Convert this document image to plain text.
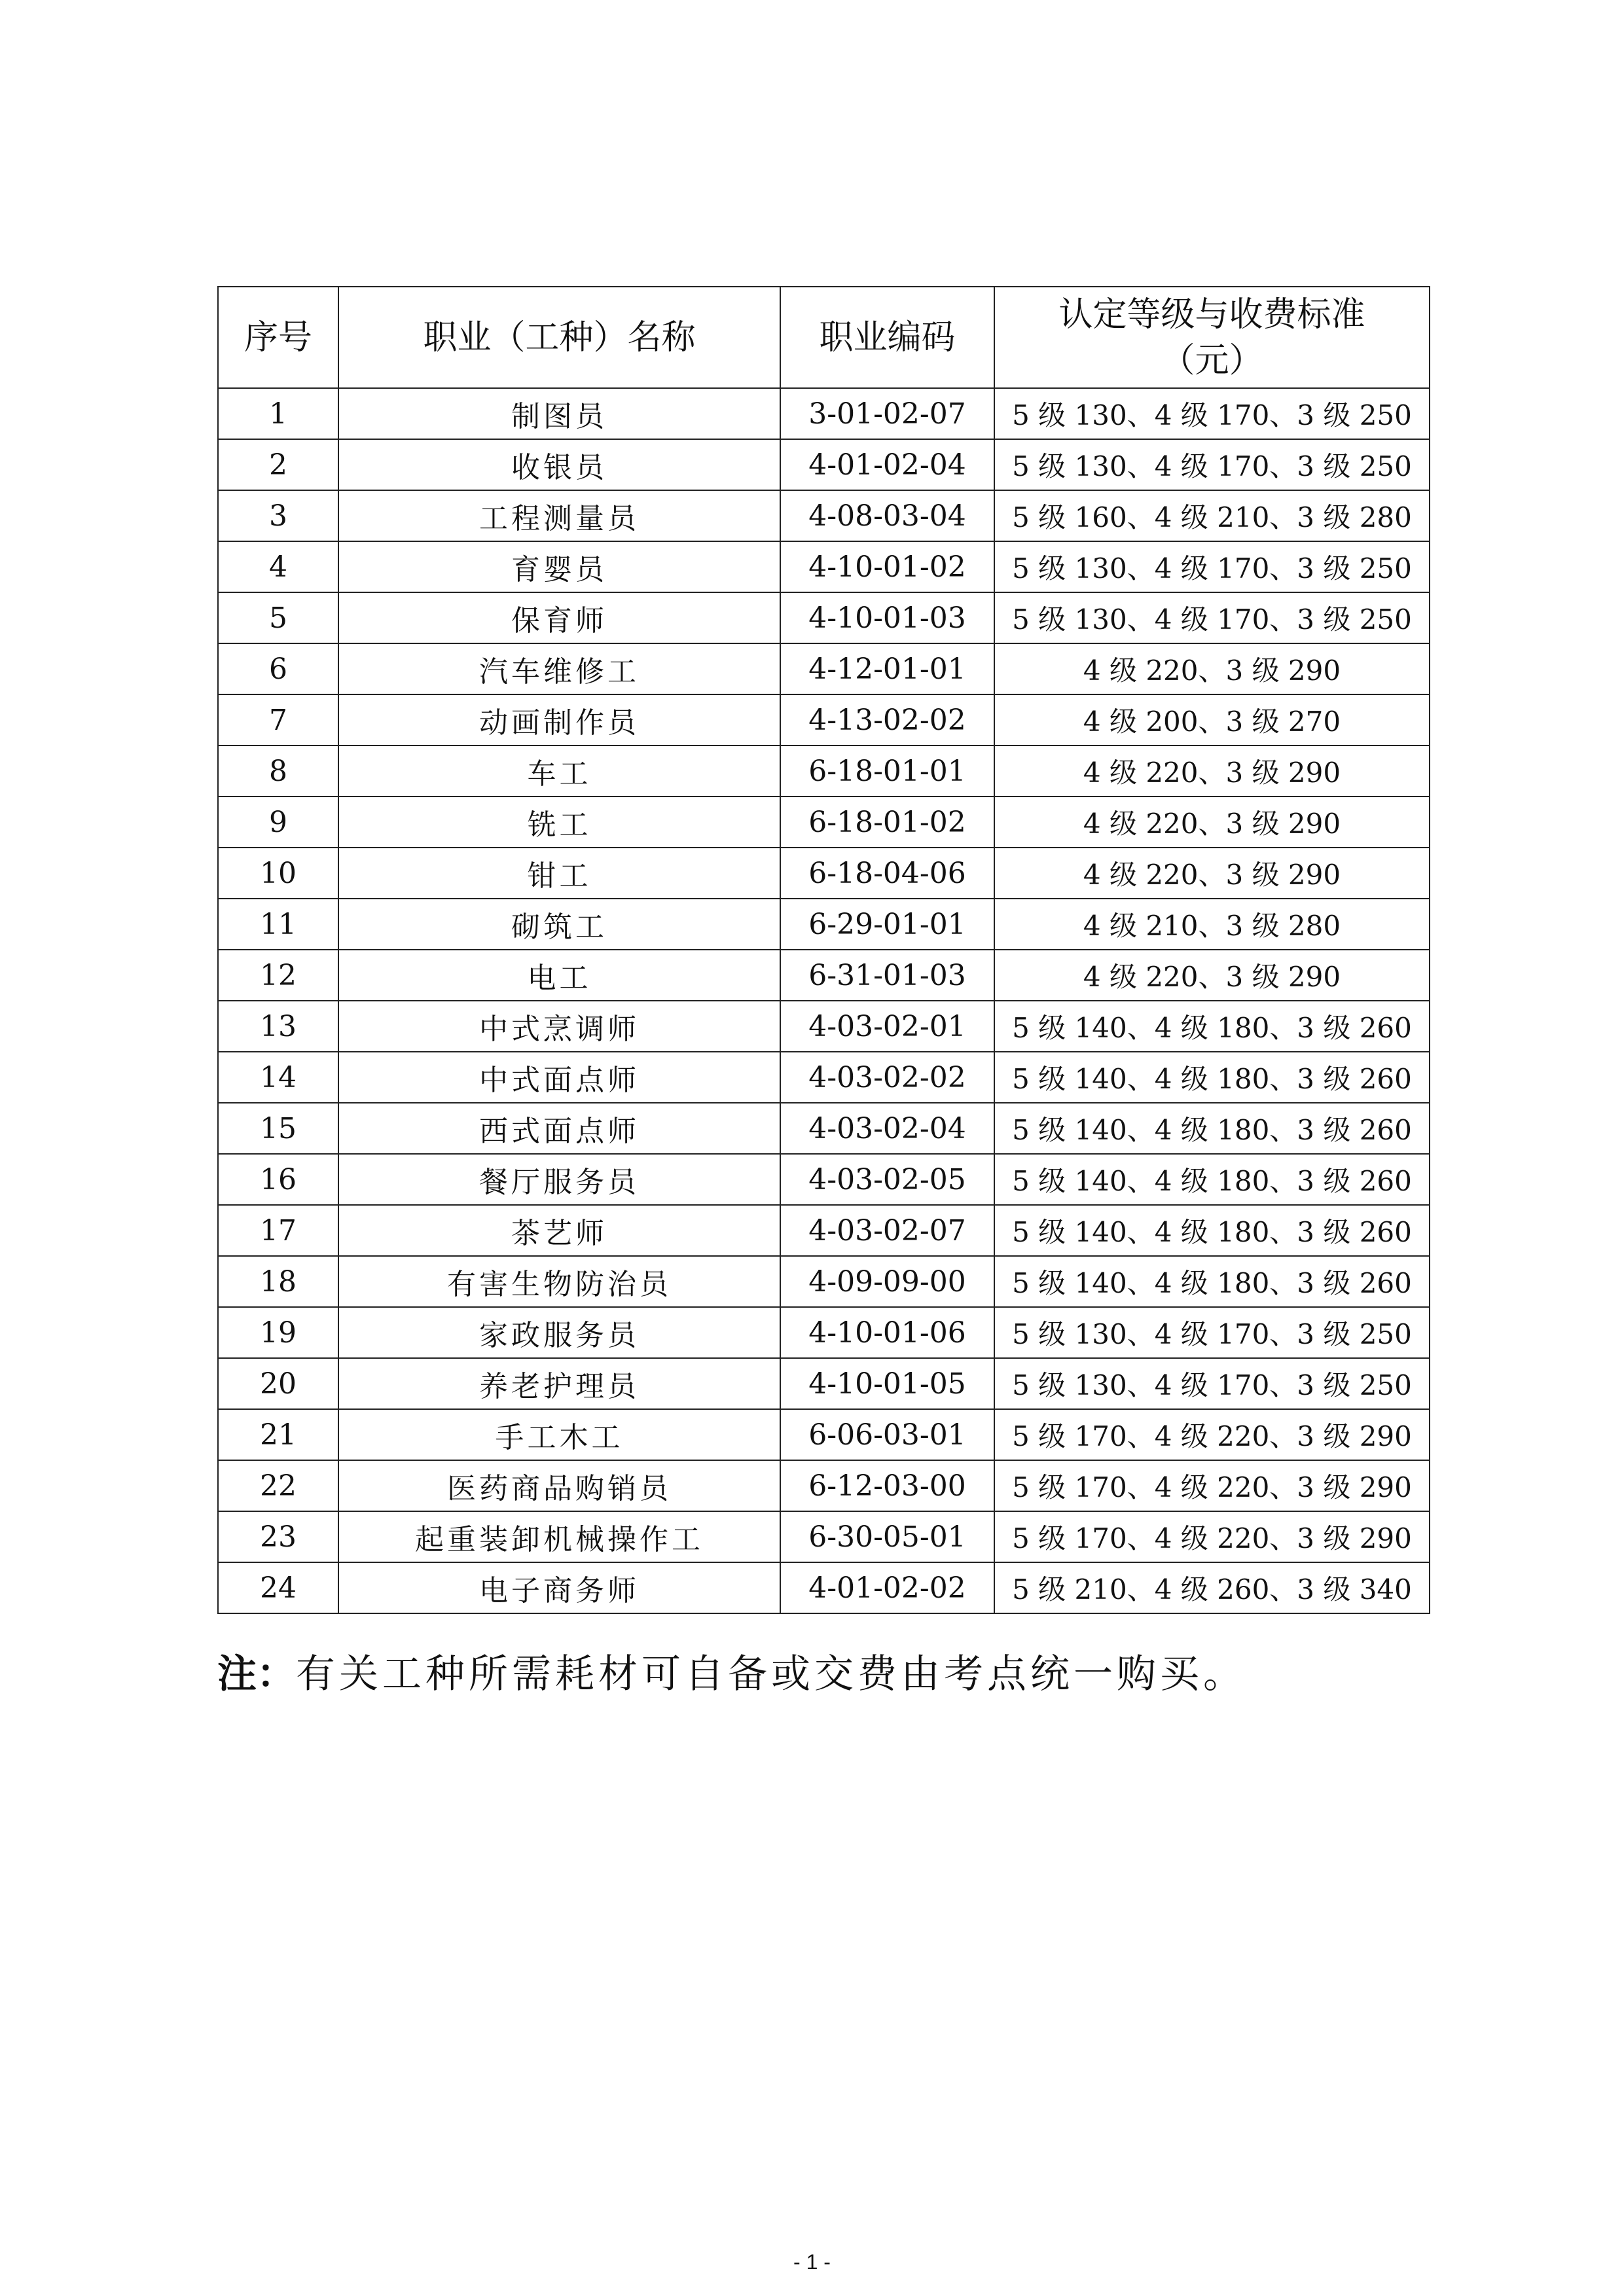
序号	职业（工种）名称	职业编码	认定等级与收费标准（元）
1	制图员	3-01-02-07	5 级 130、4 级 170、3 级 250
2	收银员	4-01-02-04	5 级 130、4 级 170、3 级 250
3	工程测量员	4-08-03-04	5 级 160、4 级 210、3 级 280
4	育婴员	4-10-01-02	5 级 130、4 级 170、3 级 250
5	保育师	4-10-01-03	5 级 130、4 级 170、3 级 250
6	汽车维修工	4-12-01-01	4 级 220、3 级 290
7	动画制作员	4-13-02-02	4 级 200、3 级 270
8	车工	6-18-01-01	4 级 220、3 级 290
9	铣工	6-18-01-02	4 级 220、3 级 290
10	钳工	6-18-04-06	4 级 220、3 级 290
11	砌筑工	6-29-01-01	4 级 210、3 级 280
12	电工	6-31-01-03	4 级 220、3 级 290
13	中式烹调师	4-03-02-01	5 级 140、4 级 180、3 级 260
14	中式面点师	4-03-02-02	5 级 140、4 级 180、3 级 260
15	西式面点师	4-03-02-04	5 级 140、4 级 180、3 级 260
16	餐厅服务员	4-03-02-05	5 级 140、4 级 180、3 级 260
17	茶艺师	4-03-02-07	5 级 140、4 级 180、3 级 260
18	有害生物防治员	4-09-09-00	5 级 140、4 级 180、3 级 260
19	家政服务员	4-10-01-06	5 级 130、4 级 170、3 级 250
20	养老护理员	4-10-01-05	5 级 130、4 级 170、3 级 250
21	手工木工	6-06-03-01	5 级 170、4 级 220、3 级 290
22	医药商品购销员	6-12-03-00	5 级 170、4 级 220、3 级 290
23	起重装卸机械操作工	6-30-05-01	5 级 170、4 级 220、3 级 290
24	电子商务师	4-01-02-02	5 级 210、4 级 260、3 级 340
注：有关工种所需耗材可自备或交费由考点统一购买。
- 1 -
